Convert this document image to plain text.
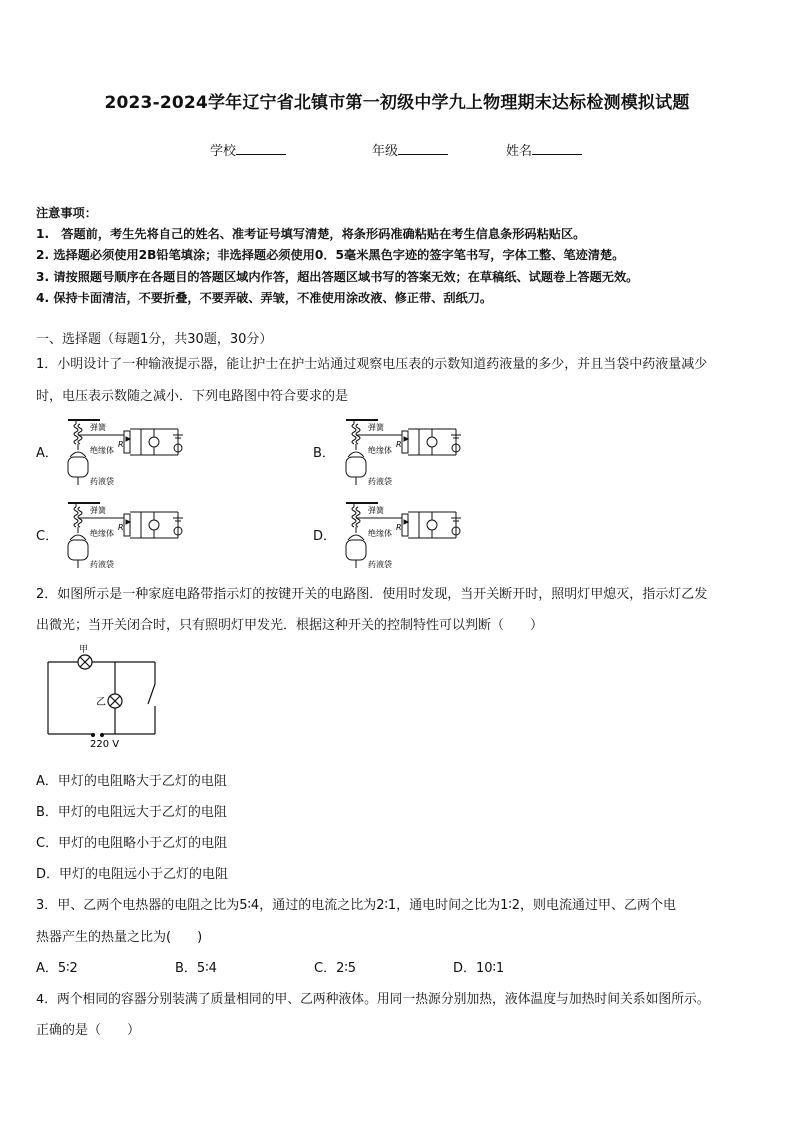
2023-2024学年辽宁省北镇市第一初级中学九上物理期末达标检测模拟试题
学校	年级	姓名
注意事项：
1.　答题前，考生先将自己的姓名、准考证号填写清楚，将条形码准确粘贴在考生信息条形码粘贴区。
2. 选择题必须使用2B铅笔填涂；非选择题必须使用0．5毫米黑色字迹的签字笔书写，字体工整、笔迹清楚。
3. 请按照题号顺序在各题目的答题区域内作答，超出答题区域书写的答案无效；在草稿纸、试题卷上答题无效。
4. 保持卡面清洁，不要折叠，不要弄破、弄皱，不准使用涂改液、修正带、刮纸刀。
一、选择题（每题1分，共30题，30分）
1．小明设计了一种输液提示器，能让护士在护士站通过观察电压表的示数知道药液量的多少，并且当袋中药液量减少
时，电压表示数随之减小．下列电路图中符合要求的是
A．	B．
C．	D．
弹簧
绝缘体
药液袋
R
弹簧
绝缘体
药液袋
R
弹簧
绝缘体
药液袋
R
弹簧
绝缘体
药液袋
R
2．如图所示是一种家庭电路带指示灯的按键开关的电路图．使用时发现，当开关断开时，照明灯甲熄灭，指示灯乙发
出微光；当开关闭合时，只有照明灯甲发光．根据这种开关的控制特性可以判断（　　）
甲
乙
220 V
A．甲灯的电阻略大于乙灯的电阻
B．甲灯的电阻远大于乙灯的电阻
C．甲灯的电阻略小于乙灯的电阻
D．甲灯的电阻远小于乙灯的电阻
3．甲、乙两个电热器的电阻之比为5∶4，通过的电流之比为2∶1，通电时间之比为1∶2，则电流通过甲、乙两个电
热器产生的热量之比为(　　)
A．5∶2	B．5∶4	C．2∶5	D．10∶1
4．两个相同的容器分别装满了质量相同的甲、乙两种液体。用同一热源分别加热，液体温度与加热时间关系如图所示。
正确的是（　　）
